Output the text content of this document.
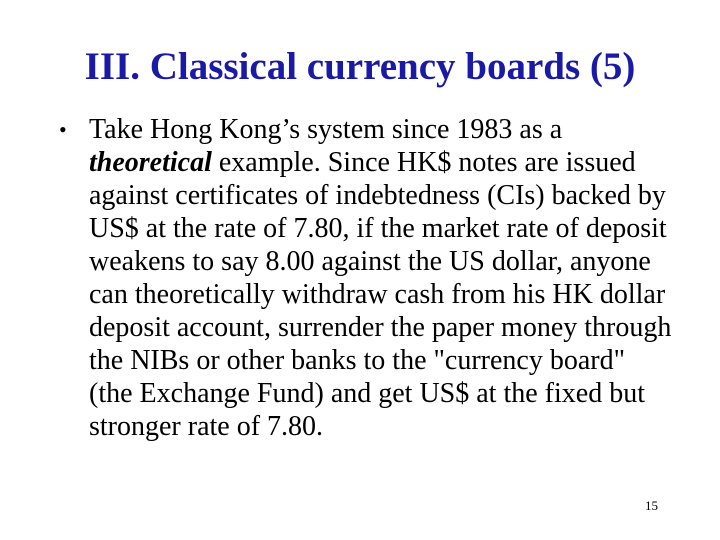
III. Classical currency boards (5)
• Take Hong Kong’s system since 1983 as a theoretical example. Since HK$ notes are issued against certificates of indebtedness (CIs) backed by US$ at the rate of 7.80, if the market rate of deposit weakens to say 8.00 against the US dollar, anyone can theoretically withdraw cash from his HK dollar deposit account, surrender the paper money through the NIBs or other banks to the "currency board" (the Exchange Fund) and get US$ at the fixed but stronger rate of 7.80.
15
